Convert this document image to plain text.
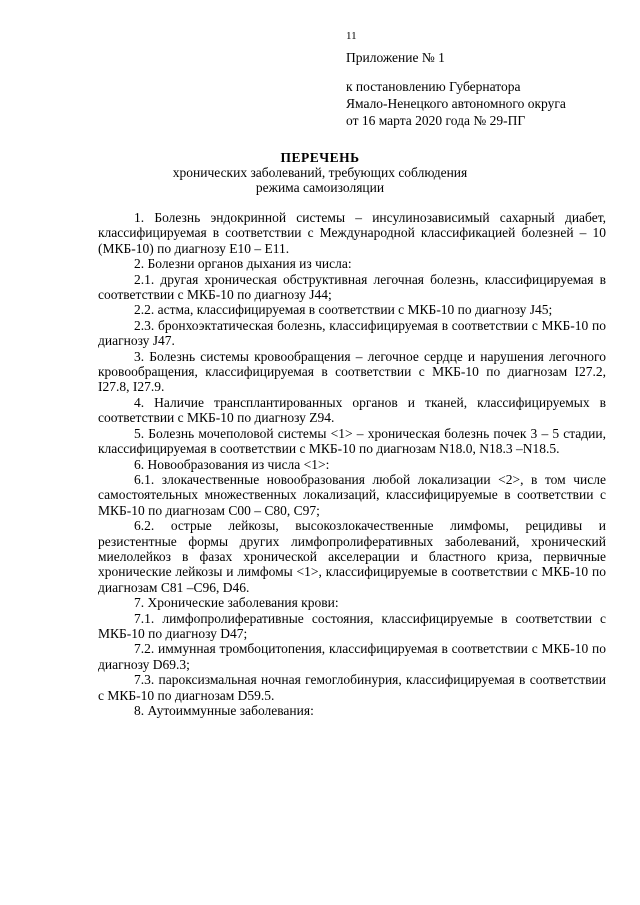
11
Приложение № 1
к постановлению Губернатора
Ямало-Ненецкого автономного округа
от 16 марта 2020 года № 29-ПГ
ПЕРЕЧЕНЬ
хронических заболеваний, требующих соблюдения
режима самоизоляции

1. Болезнь эндокринной системы – инсулинозависимый сахарный диабет, классифицируемая в соответствии с Международной классификацией болезней – 10 (МКБ-10) по диагнозу E10 – E11.

2. Болезни органов дыхания из числа:

2.1. другая хроническая обструктивная легочная болезнь, классифицируемая в соответствии с МКБ-10 по диагнозу J44;

2.2. астма, классифицируемая в соответствии с МКБ-10 по диагнозу J45;

2.3. бронхоэктатическая болезнь, классифицируемая в соответствии с МКБ-10 по диагнозу J47.

3. Болезнь системы кровообращения – легочное сердце и нарушения легочного кровообращения, классифицируемая в соответствии с МКБ-10 по диагнозам I27.2, I27.8, I27.9.

4. Наличие трансплантированных органов и тканей, классифицируемых в соответствии с МКБ-10 по диагнозу Z94.

5. Болезнь мочеполовой системы <1> – хроническая болезнь почек 3 – 5 стадии, классифицируемая в соответствии с МКБ-10 по диагнозам N18.0, N18.3 –N18.5.

6. Новообразования из числа <1>:

6.1. злокачественные новообразования любой локализации <2>, в том числе самостоятельных множественных локализаций, классифицируемые в соответствии с МКБ-10 по диагнозам C00 – C80, C97;

6.2. острые лейкозы, высокозлокачественные лимфомы, рецидивы и резистентные формы других лимфопролиферативных заболеваний, хронический миелолейкоз в фазах хронической акселерации и бластного криза, первичные хронические лейкозы и лимфомы <1>, классифицируемые в соответствии с МКБ-10 по диагнозам C81 –C96, D46.

7. Хронические заболевания крови:

7.1. лимфопролиферативные состояния, классифицируемые в соответствии с МКБ-10 по диагнозу D47;

7.2. иммунная тромбоцитопения, классифицируемая в соответствии с МКБ-10 по диагнозу D69.3;

7.3. пароксизмальная ночная гемоглобинурия, классифицируемая в соответствии с МКБ-10 по диагнозам D59.5.

8. Аутоиммунные заболевания:
